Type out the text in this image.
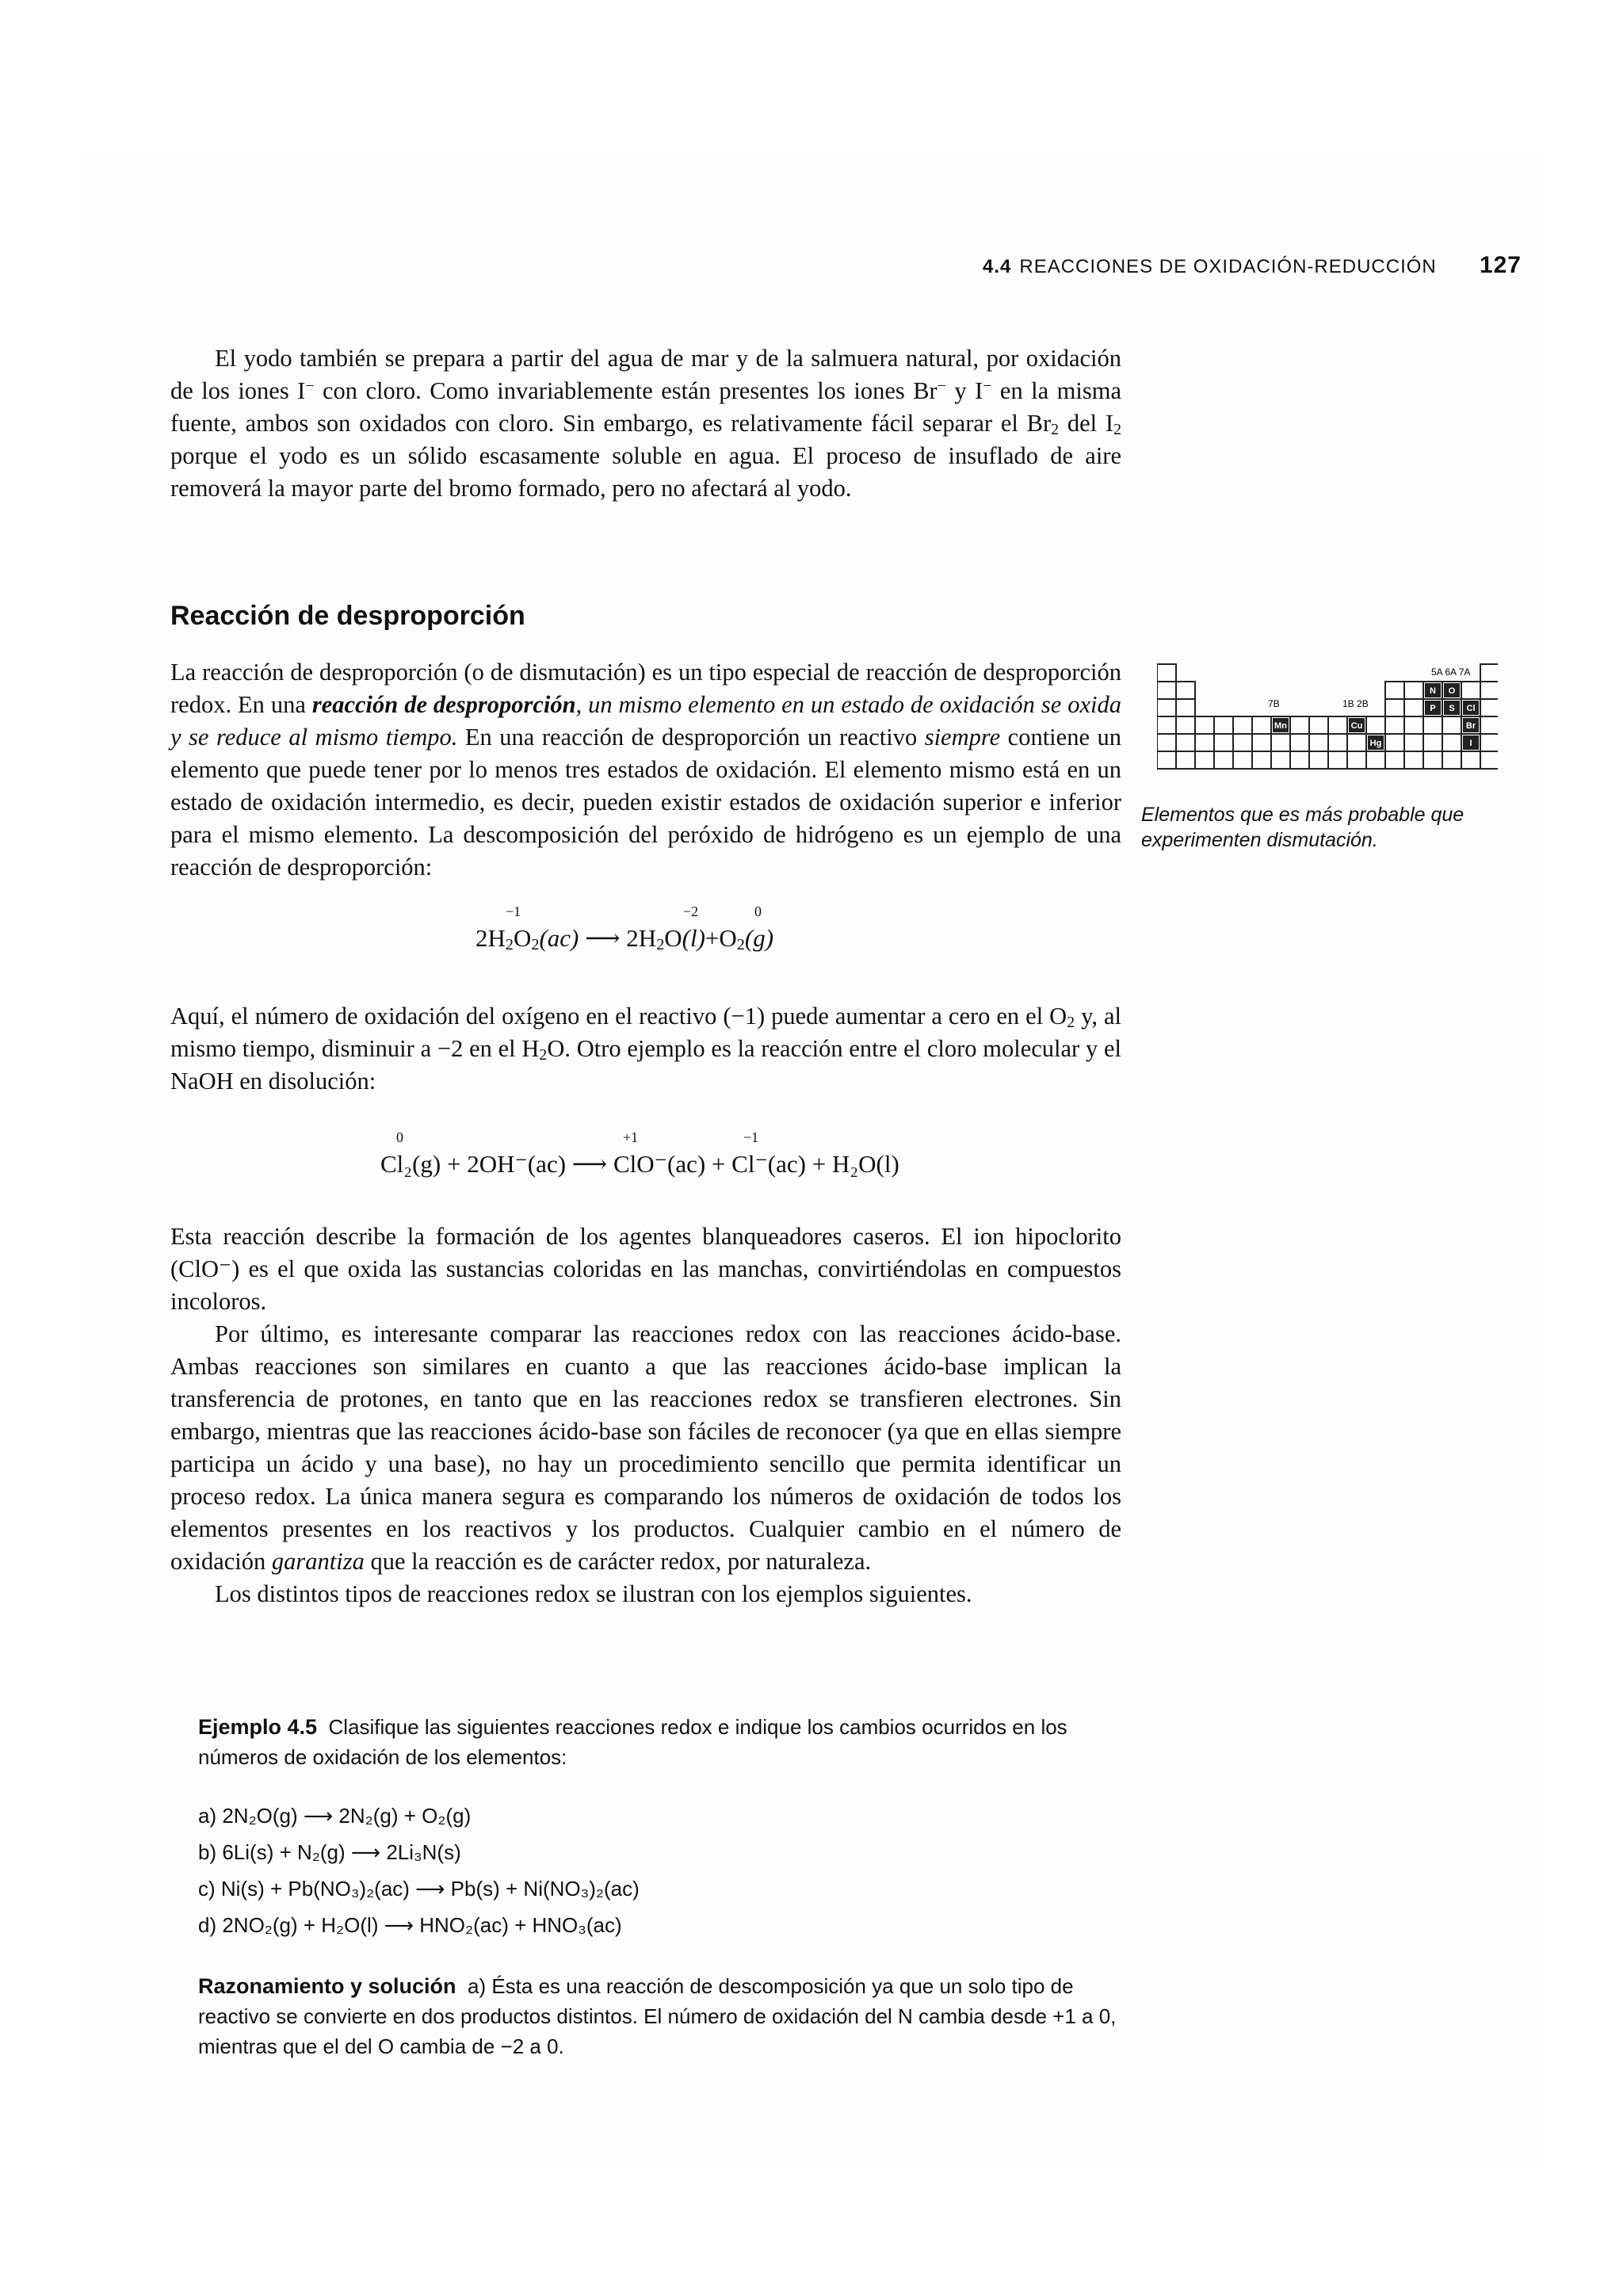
4.4 REACCIONES DE OXIDACIÓN-REDUCCIÓN 127

El yodo también se prepara a partir del agua de mar y de la salmuera natural, por oxidación de los iones I− con cloro. Como invariablemente están presentes los iones Br− y I− en la misma fuente, ambos son oxidados con cloro. Sin embargo, es relativamente fácil separar el $Br_2$ del $I_2$ porque el yodo es un sólido escasamente soluble en agua. El proceso de insuflado de aire removerá la mayor parte del bromo formado, pero no afectará al yodo.

Reacción de desproporción

La reacción de desproporción (o de dismutación) es un tipo especial de reacción de desproporción redox. En una reacción de desproporción, un mismo elemento en un estado de oxidación se oxida y se reduce al mismo tiempo. En una reacción de desproporción un reactivo siempre contiene un elemento que puede tener por lo menos tres estados de oxidación. El elemento mismo está en un estado de oxidación intermedio, es decir, pueden existir estados de oxidación superior e inferior para el mismo elemento. La descomposición del peróxido de hidrógeno es un ejemplo de una reacción de desproporción:

−1	−2	0
$2H_2O_2(ac)$ ⟶ $2H_2O(l)+O_2(g)$

Aquí, el número de oxidación del oxígeno en el reactivo (−1) puede aumentar a cero en el $O_2$ y, al mismo tiempo, disminuir a −2 en el $H_2O$. Otro ejemplo es la reacción entre el cloro molecular y el NaOH en disolución:

0	+1	−1
Cl₂(g) + 2OH⁻(ac) ⟶ ClO⁻(ac) + Cl⁻(ac) + H₂O(l)

Esta reacción describe la formación de los agentes blanqueadores caseros. El ion hipoclorito (ClO⁻) es el que oxida las sustancias coloridas en las manchas, convirtiéndolas en compuestos incoloros.

Por último, es interesante comparar las reacciones redox con las reacciones ácido-base. Ambas reacciones son similares en cuanto a que las reacciones ácido-base implican la transferencia de protones, en tanto que en las reacciones redox se transfieren electrones. Sin embargo, mientras que las reacciones ácido-base son fáciles de reconocer (ya que en ellas siempre participa un ácido y una base), no hay un procedimiento sencillo que permita identificar un proceso redox. La única manera segura es comparando los números de oxidación de todos los elementos presentes en los reactivos y los productos. Cualquier cambio en el número de oxidación garantiza que la reacción es de carácter redox, por naturaleza.

Los distintos tipos de reacciones redox se ilustran con los ejemplos siguientes.

5A 6A 7A
7B	1B 2B
N O
P S Cl
Mn	Cu	Br
Hg	I
Elementos que es más probable que experimenten dismutación.
Ejemplo 4.5 Clasifique las siguientes reacciones redox e indique los cambios ocurridos en los números de oxidación de los elementos:
a) 2N₂O(g) ⟶ 2N₂(g) + O₂(g)
b) 6Li(s) + N₂(g) ⟶ 2Li₃N(s)
c) Ni(s) + Pb(NO₃)₂(ac) ⟶ Pb(s) + Ni(NO₃)₂(ac)
d) 2NO₂(g) + H₂O(l) ⟶ HNO₂(ac) + HNO₃(ac)
Razonamiento y solución a) Ésta es una reacción de descomposición ya que un solo tipo de reactivo se convierte en dos productos distintos. El número de oxidación del N cambia desde +1 a 0, mientras que el del O cambia de −2 a 0.
